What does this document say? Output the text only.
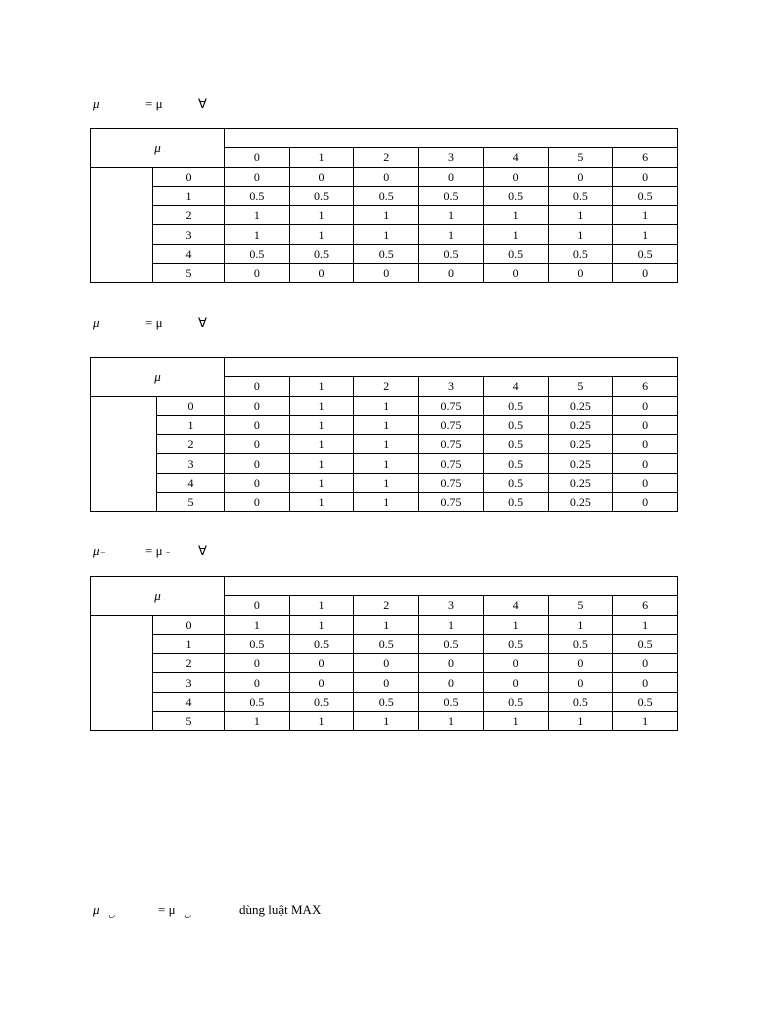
μ	= μ	∀
μ								
		0	1	2	3	4	5	6
	0	0	0	0	0	0	0	0
	1	0.5	0.5	0.5	0.5	0.5	0.5	0.5
	2	1	1	1	1	1	1	1
	3	1	1	1	1	1	1	1
	4	0.5	0.5	0.5	0.5	0.5	0.5	0.5
	5	0	0	0	0	0	0	0
μ	= μ	∀
μ								
		0	1	2	3	4	5	6
	0	0	1	1	0.75	0.5	0.25	0
	1	0	1	1	0.75	0.5	0.25	0
	2	0	1	1	0.75	0.5	0.25	0
	3	0	1	1	0.75	0.5	0.25	0
	4	0	1	1	0.75	0.5	0.25	0
	5	0	1	1	0.75	0.5	0.25	0
μ –	= μ – ∀
μ								
		0	1	2	3	4	5	6
	0	1	1	1	1	1	1	1
	1	0.5	0.5	0.5	0.5	0.5	0.5	0.5
	2	0	0	0	0	0	0	0
	3	0	0	0	0	0	0	0
	4	0.5	0.5	0.5	0.5	0.5	0.5	0.5
	5	1	1	1	1	1	1	1
μ ◡	= μ ◡	dùng luật MAX
